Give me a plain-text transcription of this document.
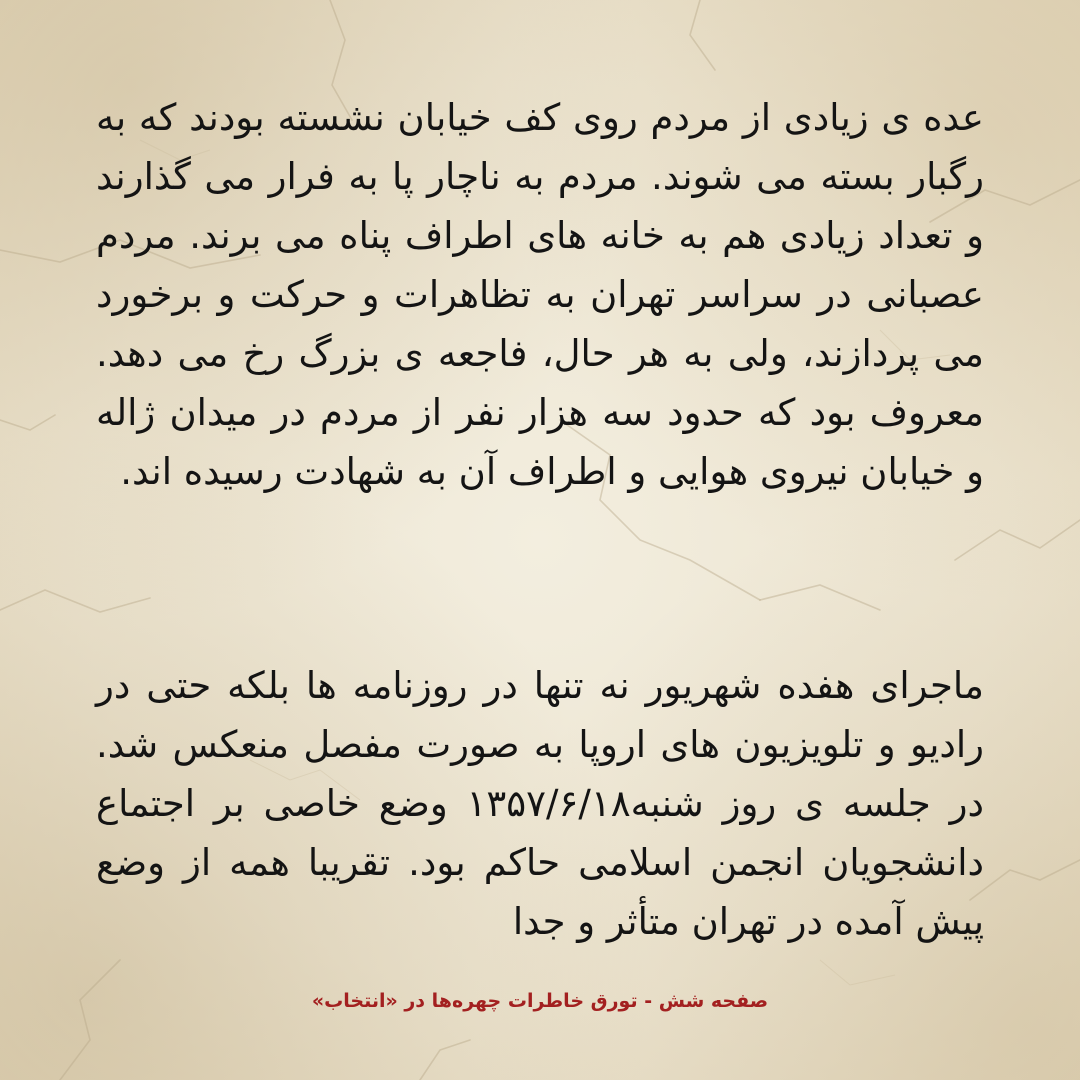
عده ی زیادی از مردم روی کف خیابان نشسته بودند که به رگبار بسته می شوند. مردم به ناچار پا به فرار می گذارند و تعداد زیادی هم به خانه های اطراف پناه می برند. مردم عصبانی در سراسر تهران به تظاهرات و حرکت و برخورد می پردازند، ولی به هر حال، فاجعه ی بزرگ رخ می دهد. معروف بود که حدود سه هزار نفر از مردم در میدان ژاله و خیابان نیروی هوایی و اطراف آن به شهادت رسیده اند.

ماجرای هفده شهریور نه تنها در روزنامه ها بلکه حتی در رادیو و تلویزیون های اروپا به صورت مفصل منعکس شد. در جلسه ی روز شنبه۱۳۵۷/۶/۱۸ وضع خاصی بر اجتماع دانشجویان انجمن اسلامی حاکم بود. تقریبا همه از وضع پیش آمده در تهران متأثر و جدا

صفحه شش - تورق خاطرات چهره‌ها در «انتخاب»
